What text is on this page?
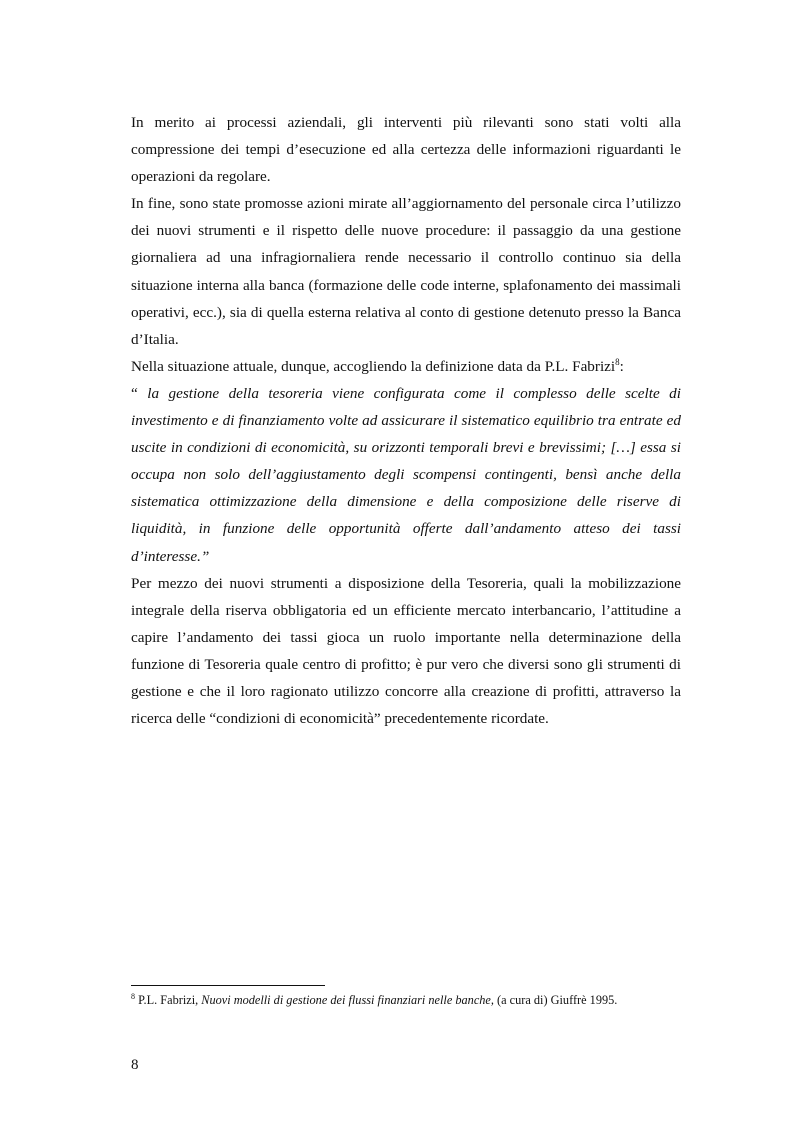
In merito ai processi aziendali, gli interventi più rilevanti sono stati volti alla compressione dei tempi d’esecuzione ed alla certezza delle informazioni riguardanti le operazioni da regolare.

In fine, sono state promosse azioni mirate all’aggiornamento del personale circa l’utilizzo dei nuovi strumenti e il rispetto delle nuove procedure: il passaggio da una gestione giornaliera ad una infragiornaliera rende necessario il controllo continuo sia della situazione interna alla banca (formazione delle code interne, splafonamento dei massimali operativi, ecc.), sia di quella esterna relativa al conto di gestione detenuto presso la Banca d’Italia.

Nella situazione attuale, dunque, accogliendo la definizione data da P.L. Fabrizi$^8$:

“ la gestione della tesoreria viene configurata come il complesso delle scelte di investimento e di finanziamento volte ad assicurare il sistematico equilibrio tra entrate ed uscite in condizioni di economicità, su orizzonti temporali brevi e brevissimi; […] essa si occupa non solo dell’aggiustamento degli scompensi contingenti, bensì anche della sistematica ottimizzazione della dimensione e della composizione delle riserve di liquidità, in funzione delle opportunità offerte dall’andamento atteso dei tassi d’interesse.”

Per mezzo dei nuovi strumenti a disposizione della Tesoreria, quali la mobilizzazione integrale della riserva obbligatoria ed un efficiente mercato interbancario, l’attitudine a capire l’andamento dei tassi gioca un ruolo importante nella determinazione della funzione di Tesoreria quale centro di profitto; è pur vero che diversi sono gli strumenti di gestione e che il loro ragionato utilizzo concorre alla creazione di profitti, attraverso la ricerca delle “condizioni di economicità” precedentemente ricordate.

$^8$ P.L. Fabrizi, Nuovi modelli di gestione dei flussi finanziari nelle banche, (a cura di) Giuffrè 1995.
8
